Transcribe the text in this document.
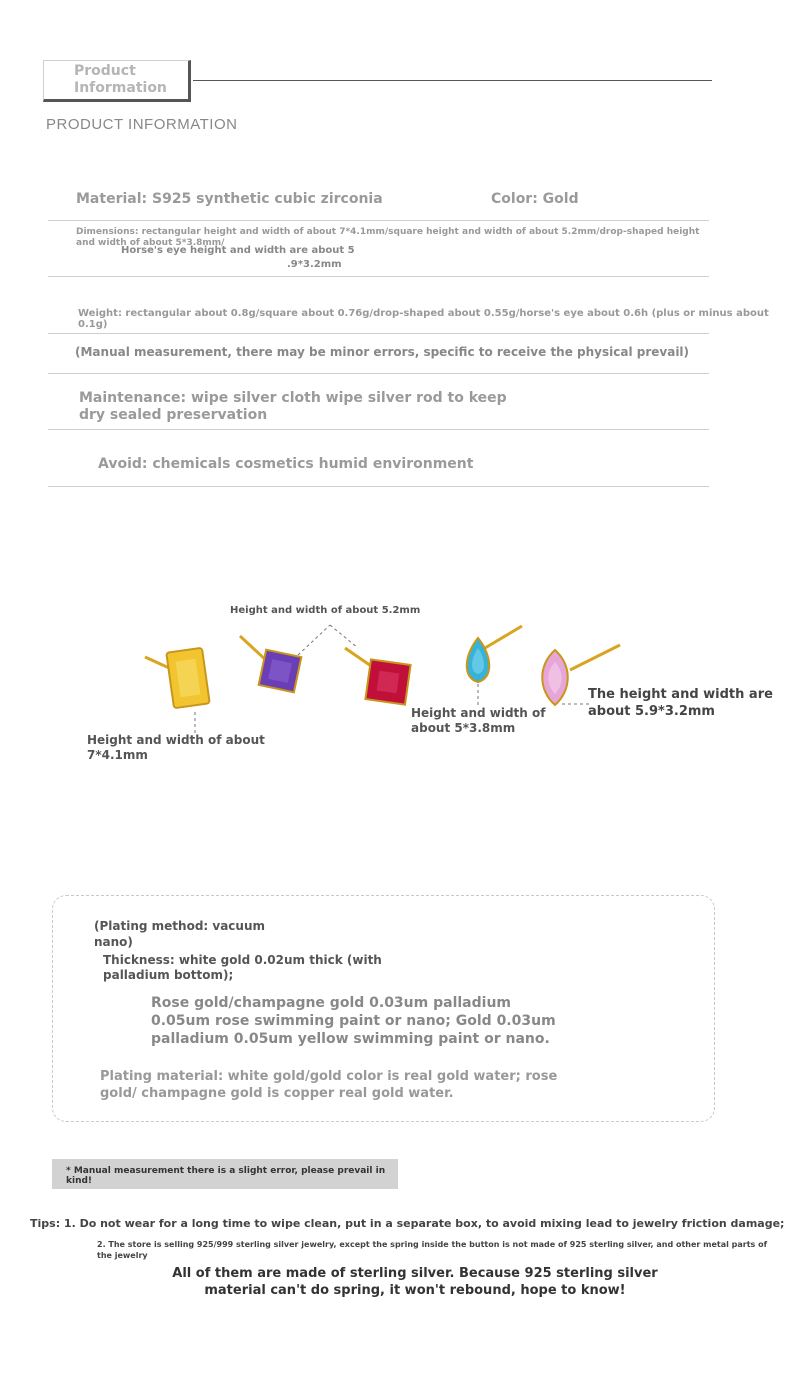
Product Information
PRODUCT INFORMATION
Material: S925 synthetic cubic zirconia	Color: Gold
Dimensions: rectangular height and width of about 7*4.1mm/square height and width of about 5.2mm/drop-shaped height and width of about 5*3.8mm/
Horse's eye height and width are about 5
.9*3.2mm
Weight: rectangular about 0.8g/square about 0.76g/drop-shaped about 0.55g/horse's eye about 0.6h (plus or minus about 0.1g)
(Manual measurement, there may be minor errors, specific to receive the physical prevail)
Maintenance: wipe silver cloth wipe silver rod to keep dry sealed preservation
Avoid: chemicals cosmetics humid environment
Height and width of about 5.2mm
Height and width of about 7*4.1mm
Height and width of about 5*3.8mm
The height and width are about 5.9*3.2mm
(Plating method: vacuum nano)
Thickness: white gold 0.02um thick (with palladium bottom);
Rose gold/champagne gold 0.03um palladium 0.05um rose swimming paint or nano; Gold 0.03um palladium 0.05um yellow swimming paint or nano.
Plating material: white gold/gold color is real gold water; rose gold/ champagne gold is copper real gold water.
* Manual measurement there is a slight error, please prevail in kind!
Tips: 1. Do not wear for a long time to wipe clean, put in a separate box, to avoid mixing lead to jewelry friction damage;
2. The store is selling 925/999 sterling silver jewelry, except the spring inside the button is not made of 925 sterling silver, and other metal parts of the jewelry
All of them are made of sterling silver. Because 925 sterling silver material can't do spring, it won't rebound, hope to know!
